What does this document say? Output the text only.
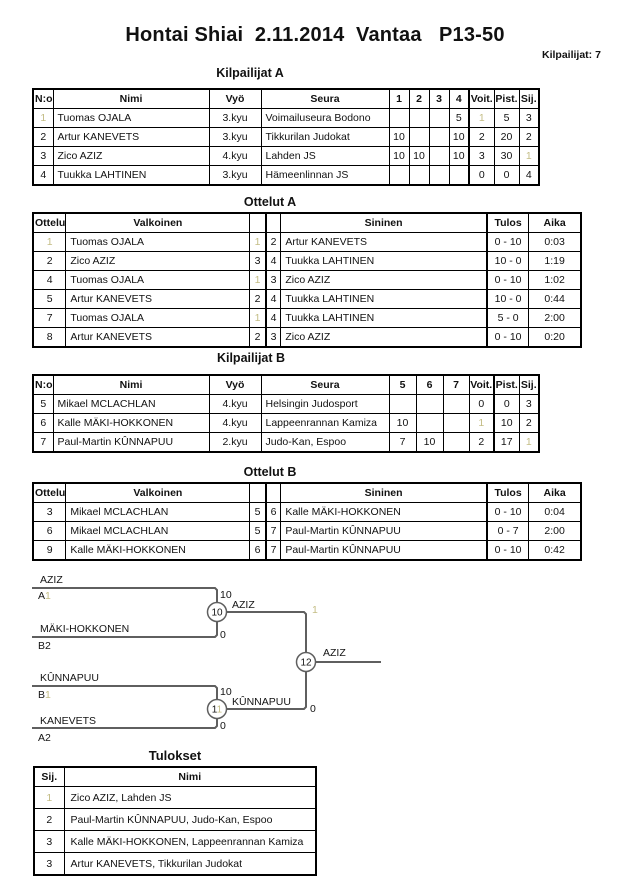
Hontai Shiai  2.11.2014  Vantaa   P13-50
Kilpailijat: 7
Kilpailijat A
N:o	Nimi	Vyö	Seura	1	2	3	4	Voit.	Pist.	Sij.
1	Tuomas OJALA	3.kyu	Voimailuseura Bodono				5	1	5	3
2	Artur KANEVETS	3.kyu	Tikkurilan Judokat	10			10	2	20	2
3	Zico AZIZ	4.kyu	Lahden JS	10	10		10	3	30	1
4	Tuukka LAHTINEN	3.kyu	Hämeenlinnan JS					0	0	4
Ottelut A
Ottelu	Valkoinen			Sininen	Tulos	Aika
1	Tuomas OJALA	1	2	Artur KANEVETS	0 - 10	0:03
2	Zico AZIZ	3	4	Tuukka LAHTINEN	10 - 0	1:19
4	Tuomas OJALA	1	3	Zico AZIZ	0 - 10	1:02
5	Artur KANEVETS	2	4	Tuukka LAHTINEN	10 - 0	0:44
7	Tuomas OJALA	1	4	Tuukka LAHTINEN	5 - 0	2:00
8	Artur KANEVETS	2	3	Zico AZIZ	0 - 10	0:20
Kilpailijat B
N:o	Nimi	Vyö	Seura	5	6	7	Voit.	Pist.	Sij.
5	Mikael MCLACHLAN	4.kyu	Helsingin Judosport				0	0	3
6	Kalle MÄKI-HOKKONEN	4.kyu	Lappeenrannan Kamiza	10			1	10	2
7	Paul-Martin KÛNNAPUU	2.kyu	Judo-Kan, Espoo	7	10		2	17	1
Ottelut B
Ottelu	Valkoinen			Sininen	Tulos	Aika
3	Mikael MCLACHLAN	5	6	Kalle MÄKI-HOKKONEN	0 - 10	0:04
6	Mikael MCLACHLAN	5	7	Paul-Martin KÛNNAPUU	0 - 7	2:00
9	Kalle MÄKI-HOKKONEN	6	7	Paul-Martin KÛNNAPUU	0 - 10	0:42
AZIZ
A1
MÄKI-HOKKONEN
B2
10
0
AZIZ
KÛNNAPUU
B1
KANEVETS
A2
10
0
KÛNNAPUU
1
0
AZIZ
10
11
12
Tulokset
Sij.	Nimi
1	Zico AZIZ, Lahden JS
2	Paul-Martin KÛNNAPUU, Judo-Kan, Espoo
3	Kalle MÄKI-HOKKONEN, Lappeenrannan Kamiza
3	Artur KANEVETS, Tikkurilan Judokat
